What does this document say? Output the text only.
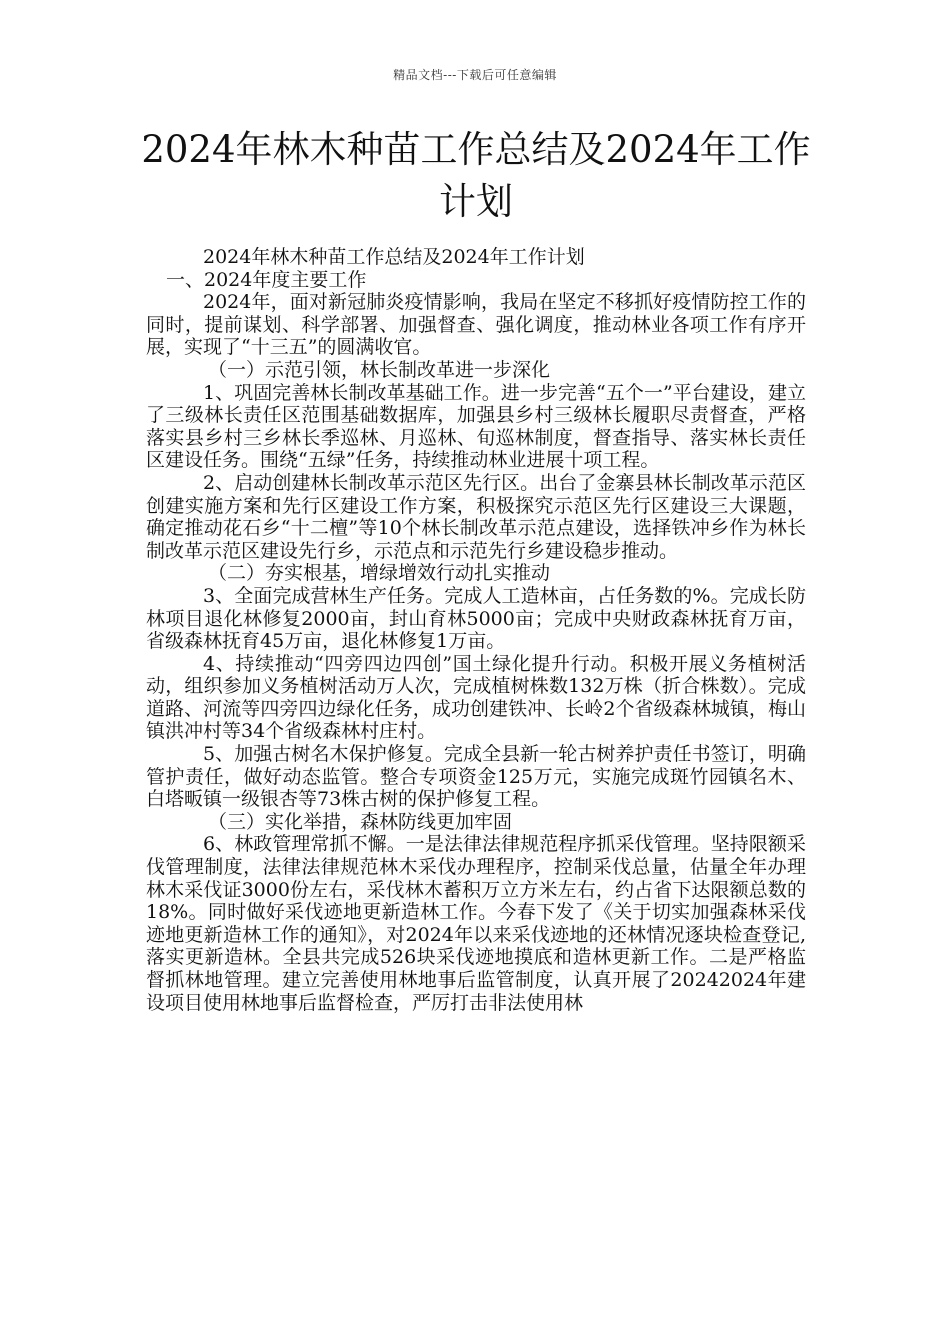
精品文档---下载后可任意编辑
2024年林木种苗工作总结及2024年工作计划

2024年林木种苗工作总结及2024年工作计划

一、2024年度主要工作

2024年，面对新冠肺炎疫情影响，我局在坚定不移抓好疫情防控工作的同时，提前谋划、科学部署、加强督查、强化调度，推动林业各项工作有序开展，实现了“十三五”的圆满收官。

（一）示范引领，林长制改革进一步深化

1、巩固完善林长制改革基础工作。进一步完善“五个一”平台建设，建立了三级林长责任区范围基础数据库，加强县乡村三级林长履职尽责督查，严格落实县乡村三乡林长季巡林、月巡林、旬巡林制度，督查指导、落实林长责任区建设任务。围绕“五绿”任务，持续推动林业进展十项工程。

2、启动创建林长制改革示范区先行区。出台了金寨县林长制改革示范区创建实施方案和先行区建设工作方案，积极探究示范区先行区建设三大课题，确定推动花石乡“十二檀”等10个林长制改革示范点建设，选择铁冲乡作为林长制改革示范区建设先行乡，示范点和示范先行乡建设稳步推动。

（二）夯实根基，增绿增效行动扎实推动

3、全面完成营林生产任务。完成人工造林亩，占任务数的%。完成长防林项目退化林修复2000亩，封山育林5000亩；完成中央财政森林抚育万亩，省级森林抚育45万亩，退化林修复1万亩。

4、持续推动“四旁四边四创”国土绿化提升行动。积极开展义务植树活动，组织参加义务植树活动万人次，完成植树株数132万株（折合株数）。完成道路、河流等四旁四边绿化任务，成功创建铁冲、长岭2个省级森林城镇，梅山镇洪冲村等34个省级森林村庄村。

5、加强古树名木保护修复。完成全县新一轮古树养护责任书签订，明确管护责任，做好动态监管。整合专项资金125万元，实施完成斑竹园镇名木、白塔畈镇一级银杏等73株古树的保护修复工程。

（三）实化举措，森林防线更加牢固

6、林政管理常抓不懈。一是法律法律规范程序抓采伐管理。坚持限额采伐管理制度，法律法律规范林木采伐办理程序，控制采伐总量，估量全年办理林木采伐证3000份左右，采伐林木蓄积万立方米左右，约占省下达限额总数的18%。同时做好采伐迹地更新造林工作。今春下发了《关于切实加强森林采伐迹地更新造林工作的通知》，对2024年以来采伐迹地的还林情况逐块检查登记,落实更新造林。全县共完成526块采伐迹地摸底和造林更新工作。二是严格监督抓林地管理。建立完善使用林地事后监管制度，认真开展了20242024年建设项目使用林地事后监督检查，严厉打击非法使用林
